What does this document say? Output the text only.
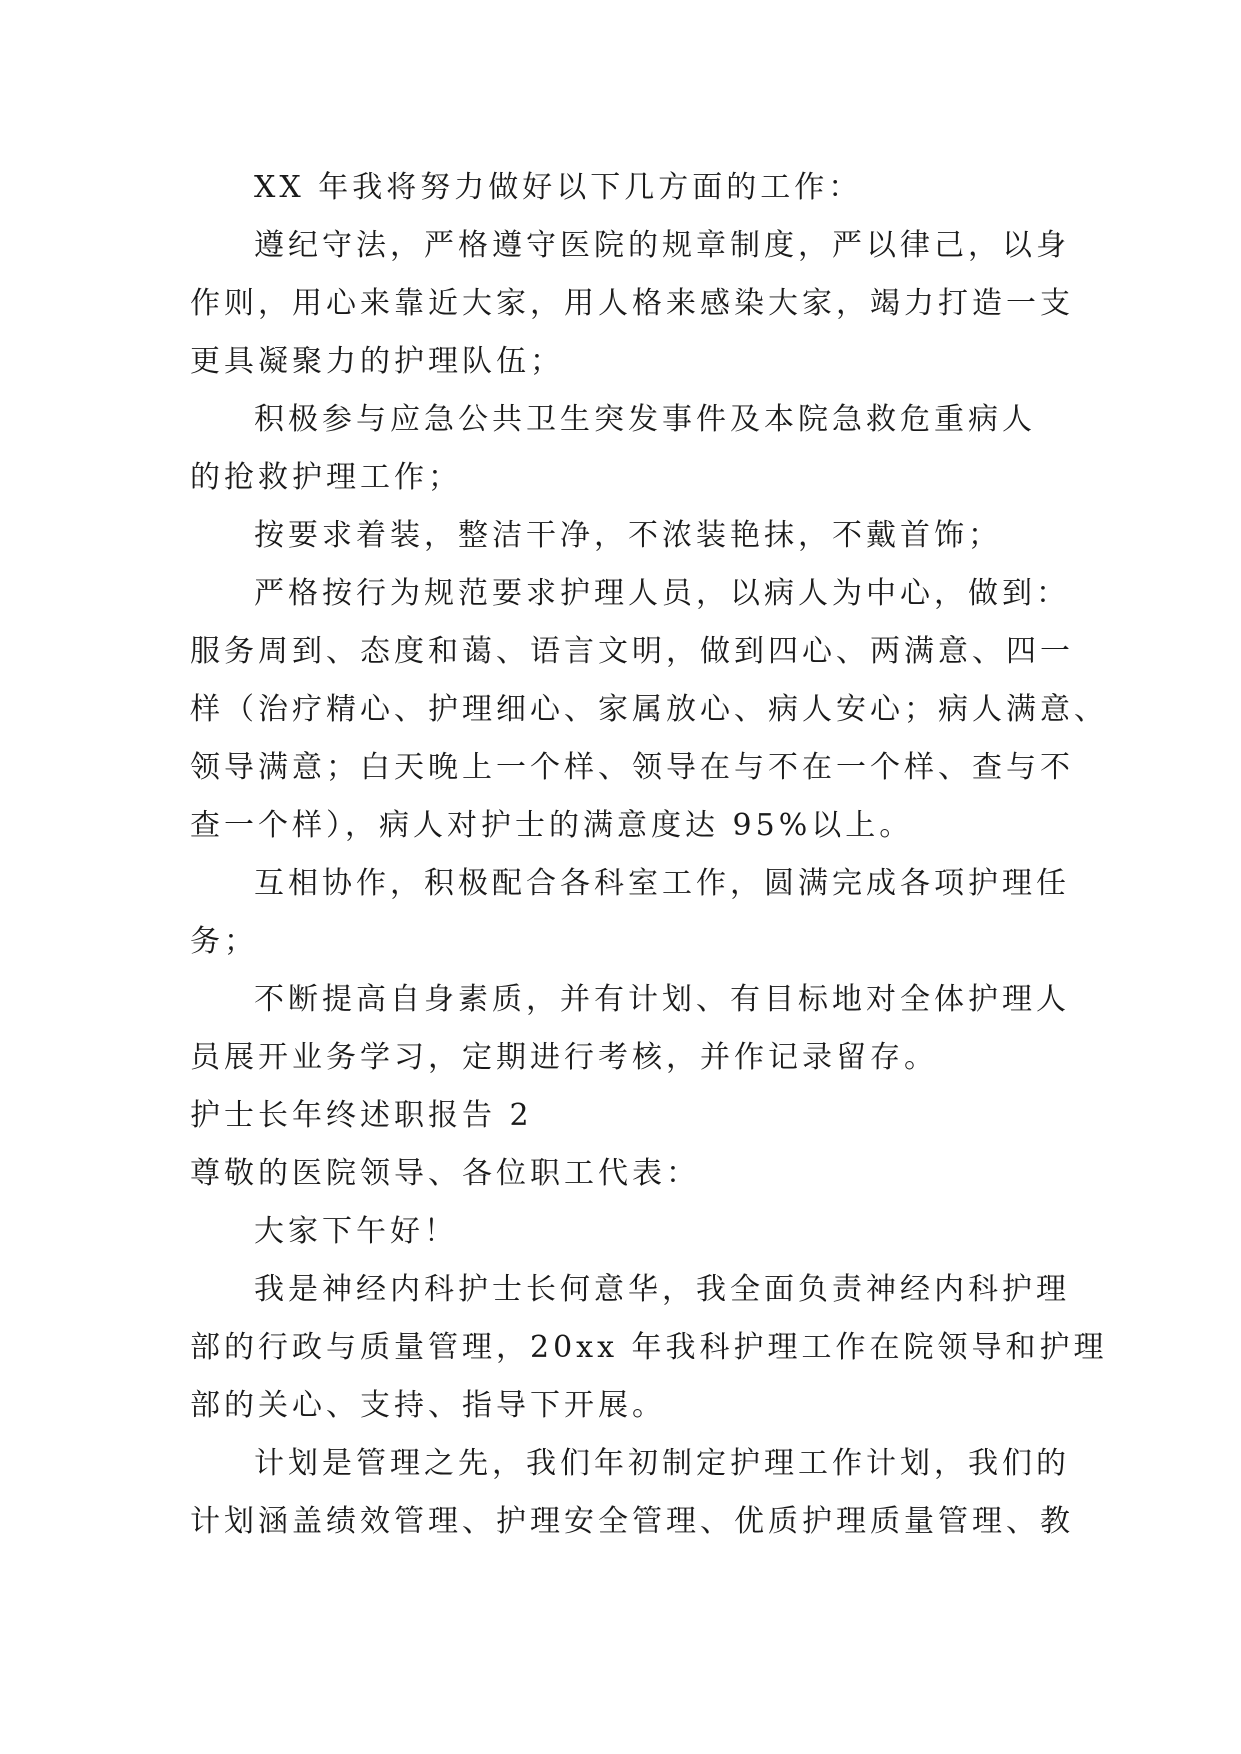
XX 年我将努力做好以下几方面的工作：
遵纪守法，严格遵守医院的规章制度，严以律己，以身
作则，用心来靠近大家，用人格来感染大家，竭力打造一支
更具凝聚力的护理队伍；
积极参与应急公共卫生突发事件及本院急救危重病人
的抢救护理工作；
按要求着装，整洁干净，不浓装艳抹，不戴首饰；
严格按行为规范要求护理人员，以病人为中心，做到：
服务周到、态度和蔼、语言文明，做到四心、两满意、四一
样（治疗精心、护理细心、家属放心、病人安心；病人满意、
领导满意；白天晚上一个样、领导在与不在一个样、查与不
查一个样），病人对护士的满意度达 95%以上。
互相协作，积极配合各科室工作，圆满完成各项护理任
务；
不断提高自身素质，并有计划、有目标地对全体护理人
员展开业务学习，定期进行考核，并作记录留存。
护士长年终述职报告 2
尊敬的医院领导、各位职工代表：
大家下午好！
我是神经内科护士长何意华，我全面负责神经内科护理
部的行政与质量管理，20xx 年我科护理工作在院领导和护理
部的关心、支持、指导下开展。
计划是管理之先，我们年初制定护理工作计划，我们的
计划涵盖绩效管理、护理安全管理、优质护理质量管理、教
